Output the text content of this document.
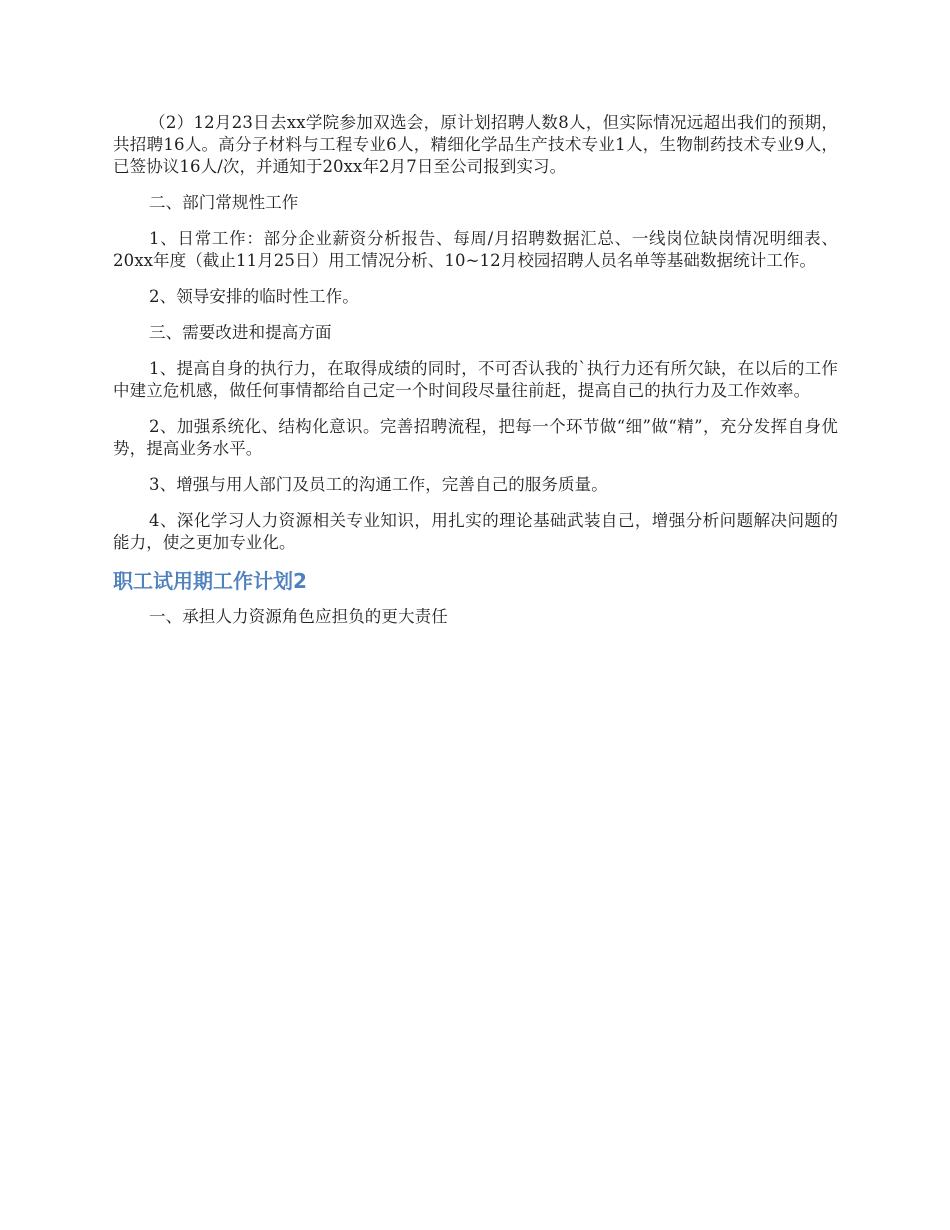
（2）12月23日去xx学院参加双选会，原计划招聘人数8人，但实际情况远超出我们的预期，共招聘16人。高分子材料与工程专业6人，精细化学品生产技术专业1人，生物制药技术专业9人，已签协议16人/次，并通知于20xx年2月7日至公司报到实习。

二、部门常规性工作

1、日常工作：部分企业薪资分析报告、每周/月招聘数据汇总、一线岗位缺岗情况明细表、20xx年度（截止11月25日）用工情况分析、10~12月校园招聘人员名单等基础数据统计工作。

2、领导安排的临时性工作。

三、需要改进和提高方面

1、提高自身的执行力，在取得成绩的同时，不可否认我的`执行力还有所欠缺，在以后的工作中建立危机感，做任何事情都给自己定一个时间段尽量往前赶，提高自己的执行力及工作效率。

2、加强系统化、结构化意识。完善招聘流程，把每一个环节做“细”做“精”，充分发挥自身优势，提高业务水平。

3、增强与用人部门及员工的沟通工作，完善自己的服务质量。

4、深化学习人力资源相关专业知识，用扎实的理论基础武装自己，增强分析问题解决问题的能力，使之更加专业化。

职工试用期工作计划2

一、承担人力资源角色应担负的更大责任
